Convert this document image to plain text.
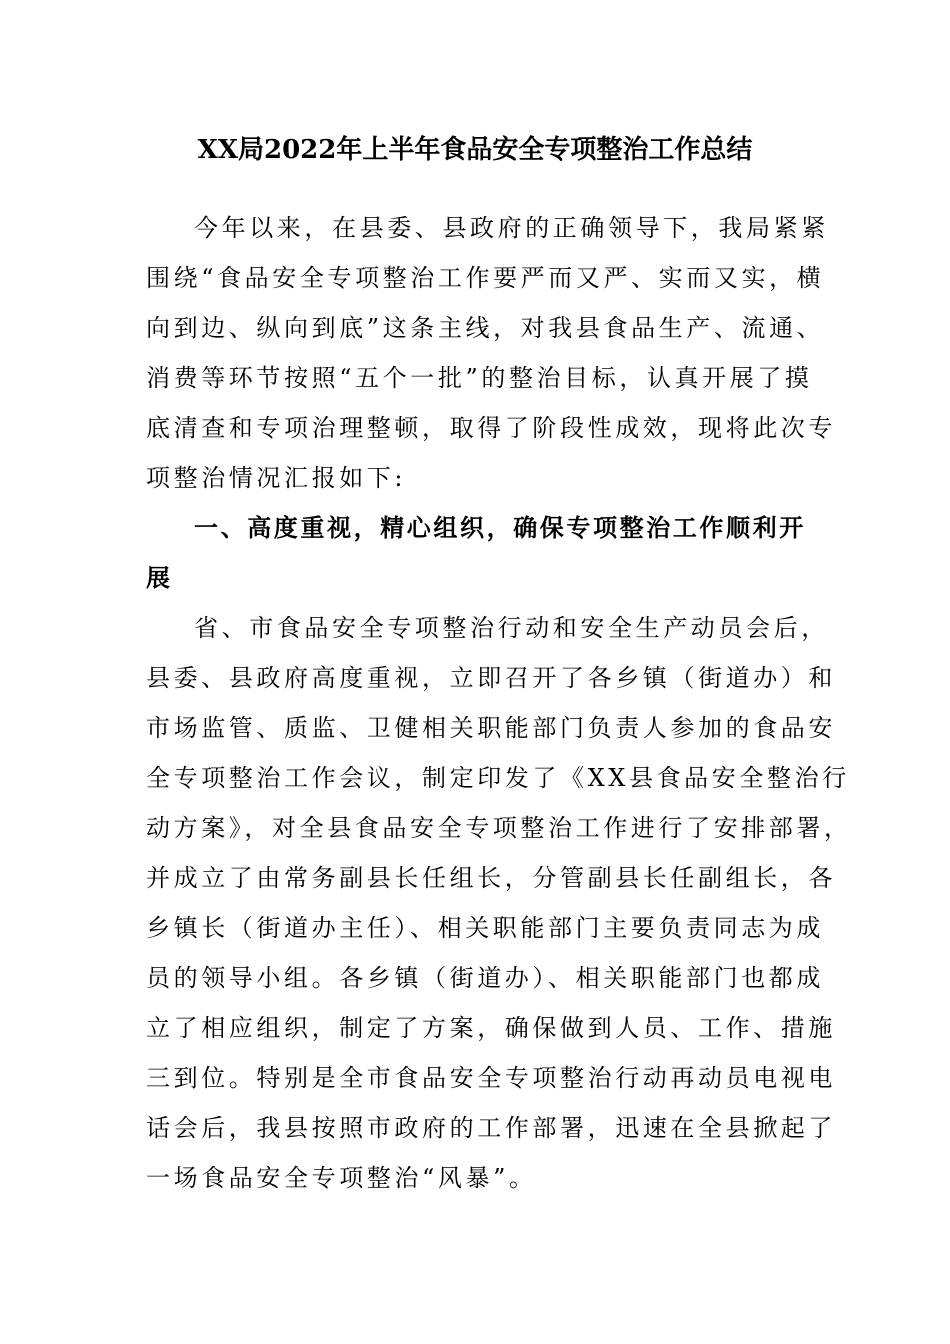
XX局2022年上半年食品安全专项整治工作总结
今年以来，在县委、县政府的正确领导下，我局紧紧
围绕“食品安全专项整治工作要严而又严、实而又实，横
向到边、纵向到底”这条主线，对我县食品生产、流通、
消费等环节按照“五个一批”的整治目标，认真开展了摸
底清查和专项治理整顿，取得了阶段性成效，现将此次专
项整治情况汇报如下:
一、高度重视，精心组织，确保专项整治工作顺利开
展
省、市食品安全专项整治行动和安全生产动员会后，
县委、县政府高度重视，立即召开了各乡镇（街道办）和
市场监管、质监、卫健相关职能部门负责人参加的食品安
全专项整治工作会议，制定印发了《XX县食品安全整治行
动方案》，对全县食品安全专项整治工作进行了安排部署，
并成立了由常务副县长任组长，分管副县长任副组长，各
乡镇长（街道办主任）、相关职能部门主要负责同志为成
员的领导小组。各乡镇（街道办）、相关职能部门也都成
立了相应组织，制定了方案，确保做到人员、工作、措施
三到位。特别是全市食品安全专项整治行动再动员电视电
话会后，我县按照市政府的工作部署，迅速在全县掀起了
一场食品安全专项整治“风暴”。
